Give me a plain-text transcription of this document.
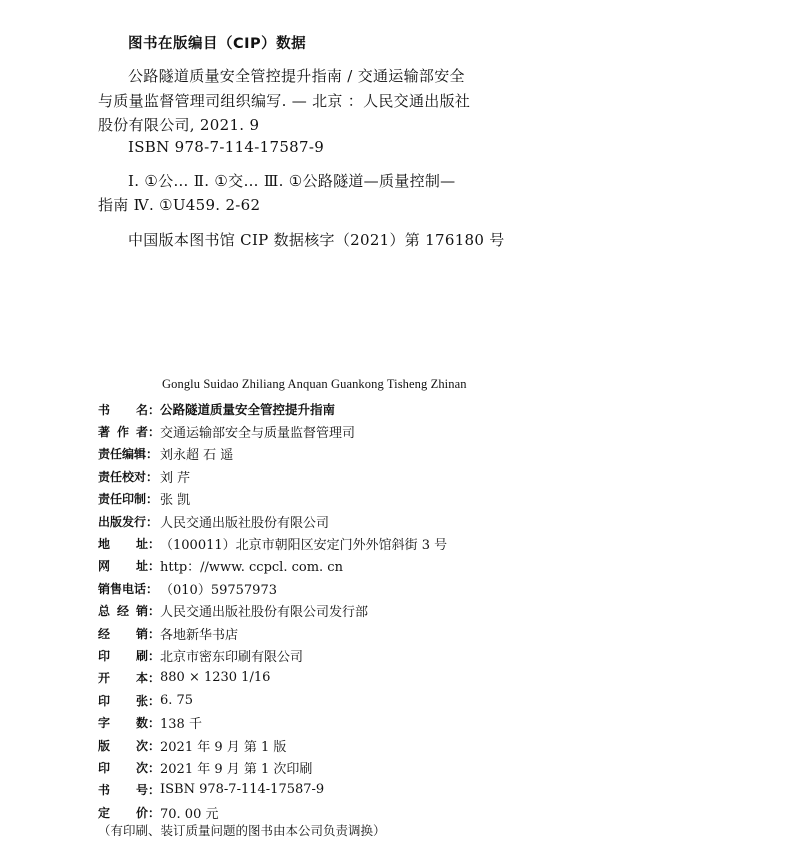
图书在版编目（CIP）数据
公路隧道质量安全管控提升指南 / 交通运输部安全
与质量监督管理司组织编写. — 北京 ：人民交通出版社
股份有限公司, 2021. 9
ISBN 978-7-114-17587-9
Ⅰ. ①公… Ⅱ. ①交… Ⅲ. ①公路隧道—质量控制—
指南 Ⅳ. ①U459. 2-62
中国版本图书馆 CIP 数据核字（2021）第 176180 号
Gonglu Suidao Zhiliang Anquan Guankong Tisheng Zhinan
书 名： 公路隧道质量安全管控提升指南
著 作 者： 交通运输部安全与质量监督管理司
责任编辑： 刘永超 石 遥
责任校对： 刘 芹
责任印制： 张 凯
出版发行： 人民交通出版社股份有限公司
地 址： （100011）北京市朝阳区安定门外外馆斜街 3 号
网 址： http：//www. ccpcl. com. cn
销售电话： （010）59757973
总 经 销： 人民交通出版社股份有限公司发行部
经 销： 各地新华书店
印 刷： 北京市密东印刷有限公司
开 本： 880 × 1230 1/16
印 张： 6. 75
字 数： 138 千
版 次： 2021 年 9 月 第 1 版
印 次： 2021 年 9 月 第 1 次印刷
书 号： ISBN 978-7-114-17587-9
定 价： 70. 00 元
（有印刷、装订质量问题的图书由本公司负责调换）
